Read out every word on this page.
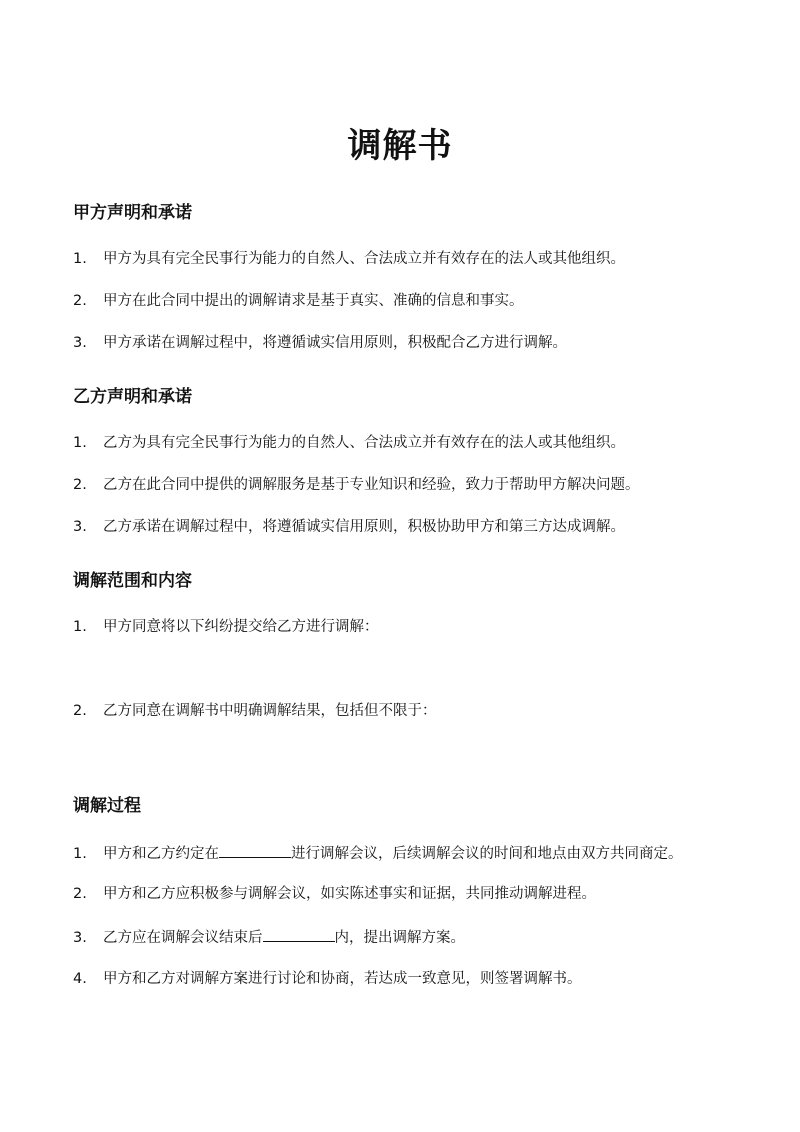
调解书
甲方声明和承诺
1. 甲方为具有完全民事行为能力的自然人、合法成立并有效存在的法人或其他组织。
2. 甲方在此合同中提出的调解请求是基于真实、准确的信息和事实。
3. 甲方承诺在调解过程中，将遵循诚实信用原则，积极配合乙方进行调解。
乙方声明和承诺
1. 乙方为具有完全民事行为能力的自然人、合法成立并有效存在的法人或其他组织。
2. 乙方在此合同中提供的调解服务是基于专业知识和经验，致力于帮助甲方解决问题。
3. 乙方承诺在调解过程中，将遵循诚实信用原则，积极协助甲方和第三方达成调解。
调解范围和内容
1. 甲方同意将以下纠纷提交给乙方进行调解：
2. 乙方同意在调解书中明确调解结果，包括但不限于：
调解过程
1. 甲方和乙方约定在	进行调解会议，后续调解会议的时间和地点由双方共同商定。
2. 甲方和乙方应积极参与调解会议，如实陈述事实和证据，共同推动调解进程。
3. 乙方应在调解会议结束后	内，提出调解方案。
4. 甲方和乙方对调解方案进行讨论和协商，若达成一致意见，则签署调解书。
